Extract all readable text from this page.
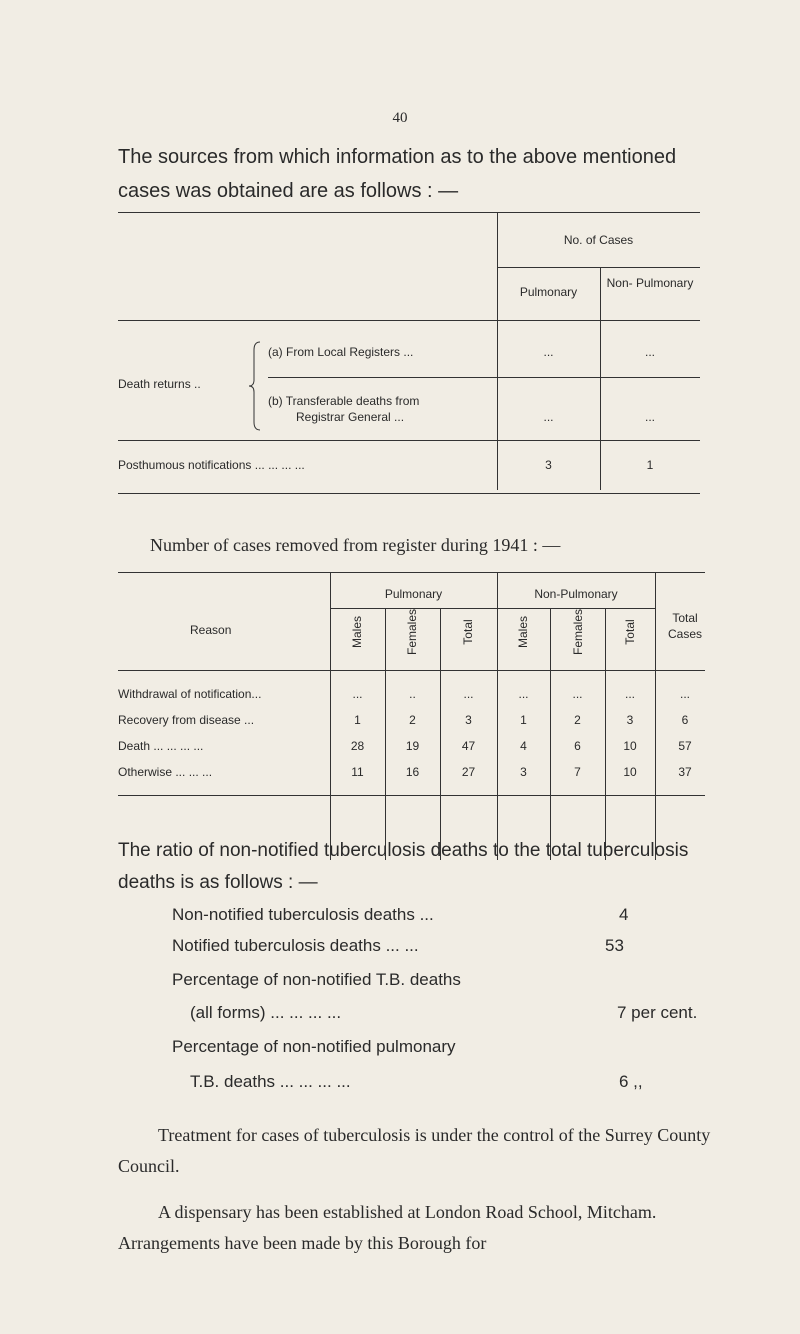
40
The sources from which information as to the above mentioned cases was obtained are as follows : —
No. of Cases
Pulmonary
Non- Pulmonary
Death returns ..
(a) From Local Registers ...	...	...
(b) Transferable deaths from
Registrar General ...	...	...
Posthumous notifications ... ... ... ...	3	1
Number of cases removed from register during 1941 : —
Reason
Pulmonary	Non-Pulmonary
Total Cases
Males	Females	Total	Males	Females	Total
Withdrawal of notification...	...	..	...	...	...	...	...
Recovery from disease ...	1	2	3	1	2	3	6
Death ... ... ... ...	28	19	47	4	6	10	57
Otherwise ... ... ...	11	16	27	3	7	10	37
The ratio of non-notified tuberculosis deaths to the total tuberculosis deaths is as follows : —
Non-notified tuberculosis deaths ...	4
Notified tuberculosis deaths ... ...	53
Percentage of non-notified T.B. deaths
(all forms) ... ... ... ...	7 per cent.
Percentage of non-notified pulmonary
T.B. deaths ... ... ... ...	6 ,,
Treatment for cases of tuberculosis is under the control of the Surrey County Council.
A dispensary has been established at London Road School, Mitcham. Arrangements have been made by this Borough for
